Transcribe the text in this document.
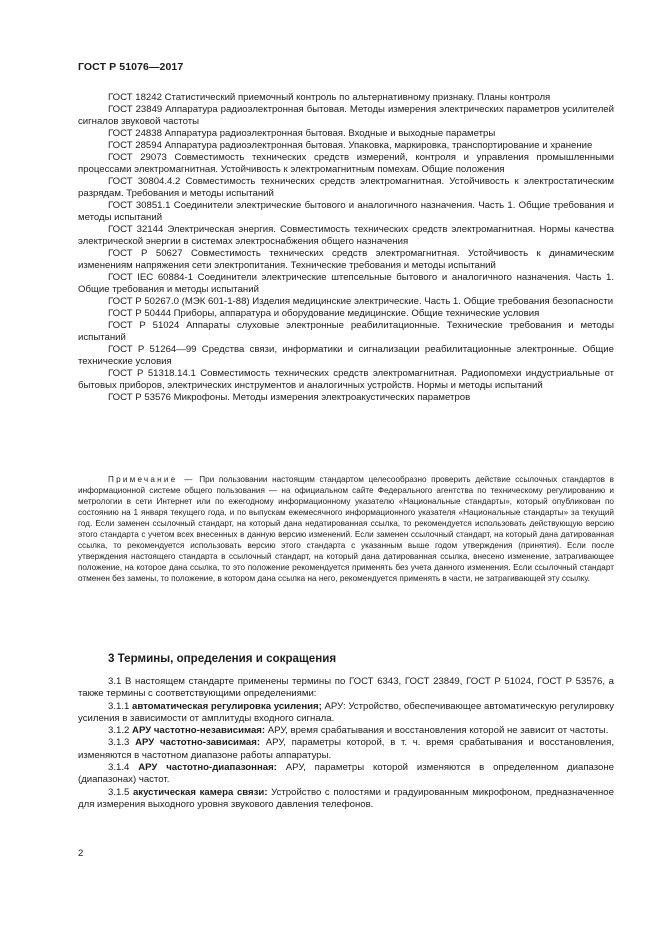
ГОСТ Р 51076—2017

ГОСТ 18242 Статистический приемочный контроль по альтернативному признаку. Планы контроля

ГОСТ 23849 Аппаратура радиоэлектронная бытовая. Методы измерения электрических параметров усилителей сигналов звуковой частоты

ГОСТ 24838 Аппаратура радиоэлектронная бытовая. Входные и выходные параметры

ГОСТ 28594 Аппаратура радиоэлектронная бытовая. Упаковка, маркировка, транспортирование и хранение

ГОСТ 29073 Совместимость технических средств измерений, контроля и управления промышленными процессами электромагнитная. Устойчивость к электромагнитным помехам. Общие положения

ГОСТ 30804.4.2 Совместимость технических средств электромагнитная. Устойчивость к электростатическим разрядам. Требования и методы испытаний

ГОСТ 30851.1 Соединители электрические бытового и аналогичного назначения. Часть 1. Общие требования и методы испытаний

ГОСТ 32144 Электрическая энергия. Совместимость технических средств электромагнитная. Нормы качества электрической энергии в системах электроснабжения общего назначения

ГОСТ Р 50627 Совместимость технических средств электромагнитная. Устойчивость к динамическим изменениям напряжения сети электропитания. Технические требования и методы испытаний

ГОСТ IEC 60884-1 Соединители электрические штепсельные бытового и аналогичного назначения. Часть 1. Общие требования и методы испытаний

ГОСТ Р 50267.0 (МЭК 601-1-88) Изделия медицинские электрические. Часть 1. Общие требования безопасности

ГОСТ Р 50444 Приборы, аппаратура и оборудование медицинские. Общие технические условия

ГОСТ Р 51024 Аппараты слуховые электронные реабилитационные. Технические требования и методы испытаний

ГОСТ Р 51264—99 Средства связи, информатики и сигнализации реабилитационные электронные. Общие технические условия

ГОСТ Р 51318.14.1 Совместимость технических средств электромагнитная. Радиопомехи индустриальные от бытовых приборов, электрических инструментов и аналогичных устройств. Нормы и методы испытаний

ГОСТ Р 53576 Микрофоны. Методы измерения электроакустических параметров

Примечание — При пользовании настоящим стандартом целесообразно проверить действие ссылочных стандартов в информационной системе общего пользования — на официальном сайте Федерального агентства по техническому регулированию и метрологии в сети Интернет или по ежегодному информационному указателю «Национальные стандарты», который опубликован по состоянию на 1 января текущего года, и по выпускам ежемесячного информационного указателя «Национальные стандарты» за текущий год. Если заменен ссылочный стандарт, на который дана недатированная ссылка, то рекомендуется использовать действующую версию этого стандарта с учетом всех внесенных в данную версию изменений. Если заменен ссылочный стандарт, на который дана датированная ссылка, то рекомендуется использовать версию этого стандарта с указанным выше годом утверждения (принятия). Если после утверждения настоящего стандарта в ссылочный стандарт, на который дана датированная ссылка, внесено изменение, затрагивающее положение, на которое дана ссылка, то это положение рекомендуется применять без учета данного изменения. Если ссылочный стандарт отменен без замены, то положение, в котором дана ссылка на него, рекомендуется применять в части, не затрагивающей эту ссылку.

3 Термины, определения и сокращения

3.1 В настоящем стандарте применены термины по ГОСТ 6343, ГОСТ 23849, ГОСТ Р 51024, ГОСТ Р 53576, а также термины с соответствующими определениями:

3.1.1 автоматическая регулировка усиления; АРУ: Устройство, обеспечивающее автоматическую регулировку усиления в зависимости от амплитуды входного сигнала.

3.1.2 АРУ частотно-независимая: АРУ, время срабатывания и восстановления которой не зависит от частоты.

3.1.3 АРУ частотно-зависимая: АРУ, параметры которой, в т. ч. время срабатывания и восстановления, изменяются в частотном диапазоне работы аппаратуры.

3.1.4 АРУ частотно-диапазонная: АРУ, параметры которой изменяются в определенном диапазоне (диапазонах) частот.

3.1.5 акустическая камера связи: Устройство с полостями и градуированным микрофоном, предназначенное для измерения выходного уровня звукового давления телефонов.

2
